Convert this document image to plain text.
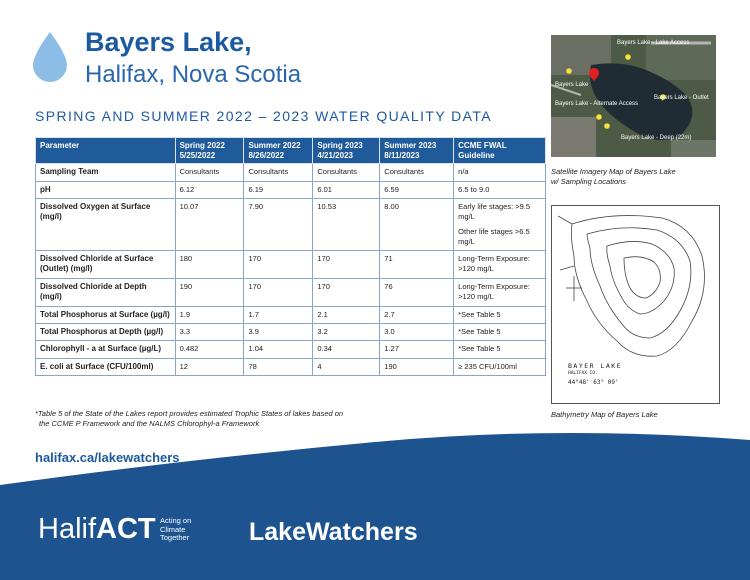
Bayers Lake,
Halifax, Nova Scotia
SPRING AND SUMMER 2022 – 2023 WATER QUALITY DATA
Parameter	Spring 2022 5/25/2022	Summer 2022 8/26/2022	Spring 2023 4/21/2023	Summer 2023 8/11/2023	CCME FWAL Guideline
Sampling Team	Consultants	Consultants	Consultants	Consultants	n/a
pH	6.12	6.19	6.01	6.59	6.5 to 9.0
Dissolved Oxygen at Surface (mg/l)	10.07	7.90	10.53	8.00	Early life stages: >9.5 mg/L
Other life stages >6.5 mg/L

Dissolved Chloride at Surface (Outlet) (mg/l)	180	170	170	71	Long-Term Exposure: >120 mg/L
Dissolved Chloride at Depth (mg/l)	190	170	170	76	Long-Term Exposure: >120 mg/L
Total Phosphorus at Surface (µg/l)	1.9	1.7	2.1	2.7	*See Table 5
Total Phosphorus at Depth (µg/l)	3.3	3.9	3.2	3.0	*See Table 5
Chlorophyll - a at Surface (µg/L)	0.482	1.04	0.34	1.27	*See Table 5
E. coli at Surface (CFU/100ml)	12	78	4	190	≥ 235 CFU/100ml
*Table 5 of the State of the Lakes report provides estimated Trophic States of lakes based on
the CCME P Framework and the NALMS Chlorophyl-a Framework
halifax.ca/lakewatchers
Bayers Lake - Lake Access
Bayers Lake
Bayers Lake - Alternate Access
Bayers Lake - Outlet
Bayers Lake - Deep (22m)
Satellite Imagery Map of Bayers Lake
w/ Sampling Locations
BAYER LAKE
HALIFAX CO.
44°48' 63° 09'
Bathymetry Map of Bayers Lake
HalifACT Acting on
Climate
Together	LakeWatchers
